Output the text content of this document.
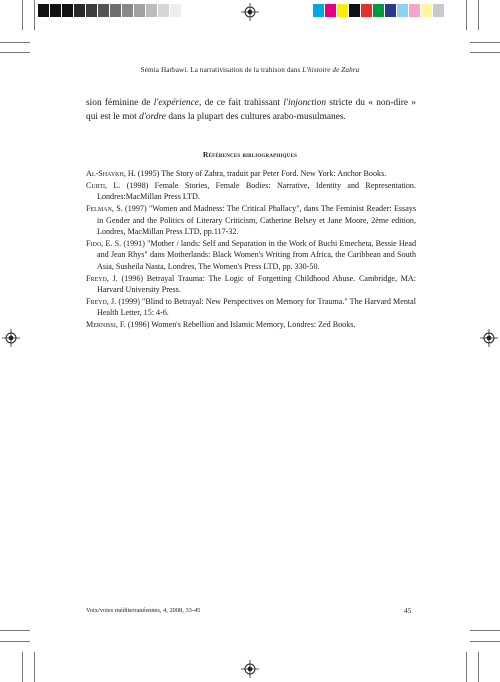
Sémia Harbawi. La narrativisation de la trahison dans L'histoire de Zahra

sion féminine de l'expérience, de ce fait trahissant l'injonction stricte du « non-dire » qui est le mot d'ordre dans la plupart des cultures arabo-musulmanes.

Références bibliographiques
Al-Shaykh, H. (1995) The Story of Zahra, traduit par Peter Ford. New York: Anchor Books.
Curti, L. (1998) Female Stories, Female Bodies: Narrative, Identity and Representation. Londres:MacMillan Press LTD.
Felman, S. (1997) "Women and Madness: The Critical Phallacy", dans The Feminist Reader: Essays in Gender and the Politics of Literary Criticism, Catherine Belsey et Jane Moore, 2ème edition, Londres, MacMillan Press LTD, pp.117-32.
Fido, E. S. (1991) "Mother / lands: Self and Separation in the Work of Buchi Emecheta, Bessie Head and Jean Rhys" dans Motherlands: Black Women's Writing from Africa, the Caribbean and South Asia, Susheila Nasta, Londres, The Women's Press LTD, pp. 330-50.
Freyd, J. (1996) Betrayal Trauma: The Logic of Forgetting Childhood Abuse. Cambridge, MA: Harvard University Press.
Freyd, J. (1999) "Blind to Betrayal: New Perspectives on Memory for Trauma." The Harvard Mental Health Letter, 15: 4-6.
Mernissi, F. (1996) Women's Rebellion and Islamic Memory, Londres: Zed Books.
Voix/voies méditerranéennes, 4, 2008, 33-45	45
